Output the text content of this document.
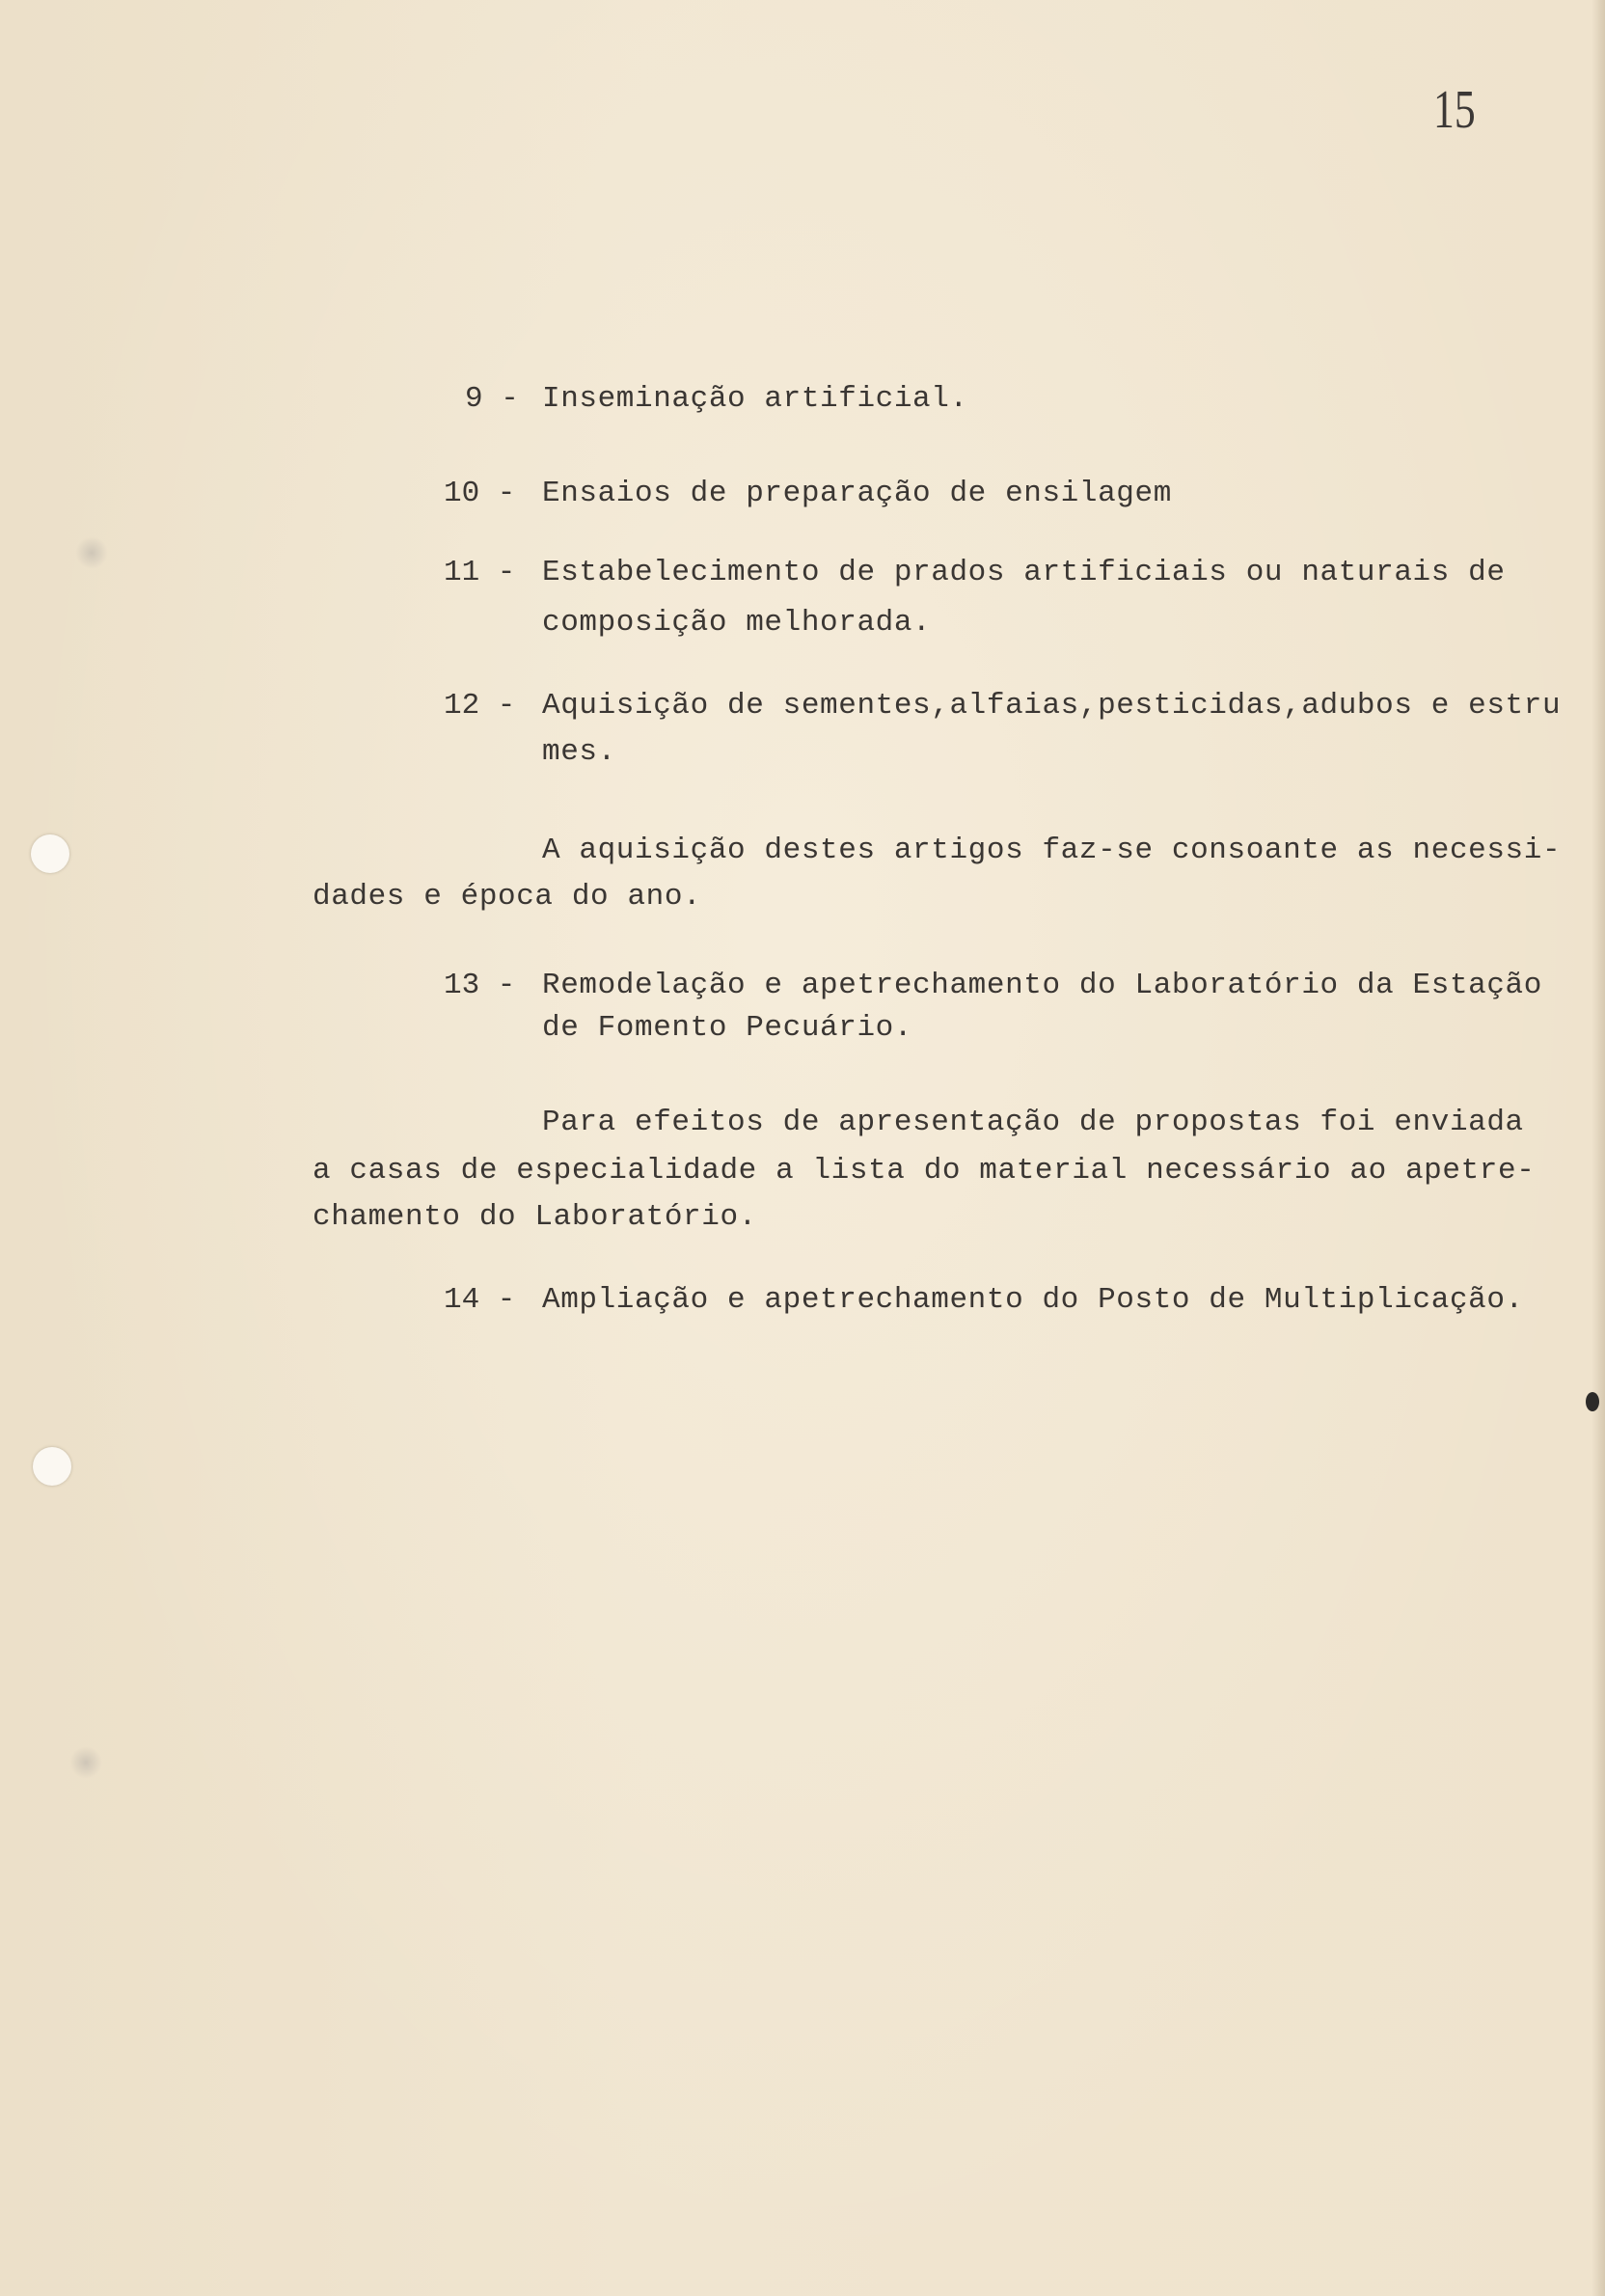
15
9 - Inseminação artificial.
10 - Ensaios de preparação de ensilagem
11 - Estabelecimento de prados artificiais ou naturais de
composição melhorada.
12 - Aquisição de sementes,alfaias,pesticidas,adubos e estru
mes.
A aquisição destes artigos faz-se consoante as necessi-
dades e época do ano.
13 - Remodelação e apetrechamento do Laboratório da Estação
de Fomento Pecuário.
Para efeitos de apresentação de propostas foi enviada
a casas de especialidade a lista do material necessário ao apetre-
chamento do Laboratório.
14 - Ampliação e apetrechamento do Posto de Multiplicação.
